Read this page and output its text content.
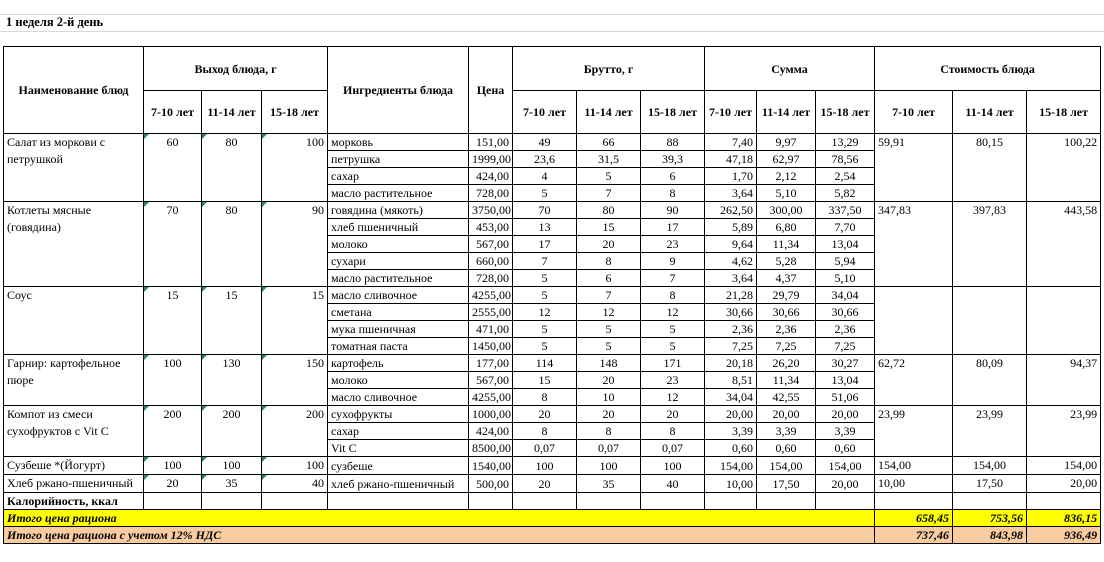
1 неделя 2-й день
Наименование блюд	Выход блюда, г			Ингредиенты блюда	Цена	Брутто, г			Сумма			Стоимость блюда		
	7-10 лет	11-14 лет	15-18 лет			7-10 лет	11-14 лет	15-18 лет	7-10 лет	11-14 лет	15-18 лет	7-10 лет	11-14 лет	15-18 лет
Салат из моркови с петрушкой	60	80	100	морковь	151,00	49	66	88	7,40	9,97	13,29	59,91	80,15	100,22
				петрушка	1999,00	23,6	31,5	39,3	47,18	62,97	78,56			
				сахар	424,00	4	5	6	1,70	2,12	2,54			
				масло растительное	728,00	5	7	8	3,64	5,10	5,82			
Котлеты мясные (говядина)	70	80	90	говядина (мякоть)	3750,00	70	80	90	262,50	300,00	337,50	347,83	397,83	443,58
				хлеб пшеничный	453,00	13	15	17	5,89	6,80	7,70			
				молоко	567,00	17	20	23	9,64	11,34	13,04			
				сухари	660,00	7	8	9	4,62	5,28	5,94			
				масло растительное	728,00	5	6	7	3,64	4,37	5,10			
Соус	15	15	15	масло сливочное	4255,00	5	7	8	21,28	29,79	34,04			
				сметана	2555,00	12	12	12	30,66	30,66	30,66			
				мука пшеничная	471,00	5	5	5	2,36	2,36	2,36			
				томатная паста	1450,00	5	5	5	7,25	7,25	7,25			
Гарнир: картофельное пюре	100	130	150	картофель	177,00	114	148	171	20,18	26,20	30,27	62,72	80,09	94,37
				молоко	567,00	15	20	23	8,51	11,34	13,04			
				масло сливочное	4255,00	8	10	12	34,04	42,55	51,06			
Компот из смеси сухофруктов с Vit C	200	200	200	сухофрукты	1000,00	20	20	20	20,00	20,00	20,00	23,99	23,99	23,99
				сахар	424,00	8	8	8	3,39	3,39	3,39			
				Vit C	8500,00	0,07	0,07	0,07	0,60	0,60	0,60			
Сузбеше *(Йогурт)	100	100	100	сузбеше	1540,00	100	100	100	154,00	154,00	154,00	154,00	154,00	154,00
Хлеб ржано-пшеничный	20	35	40	хлеб ржано-пшеничный	500,00	20	35	40	10,00	17,50	20,00	10,00	17,50	20,00
Калорийность, ккал														
Итого цена рациона												658,45	753,56	836,15
Итого цена рациона с учетом 12% НДС												737,46	843,98	936,49
